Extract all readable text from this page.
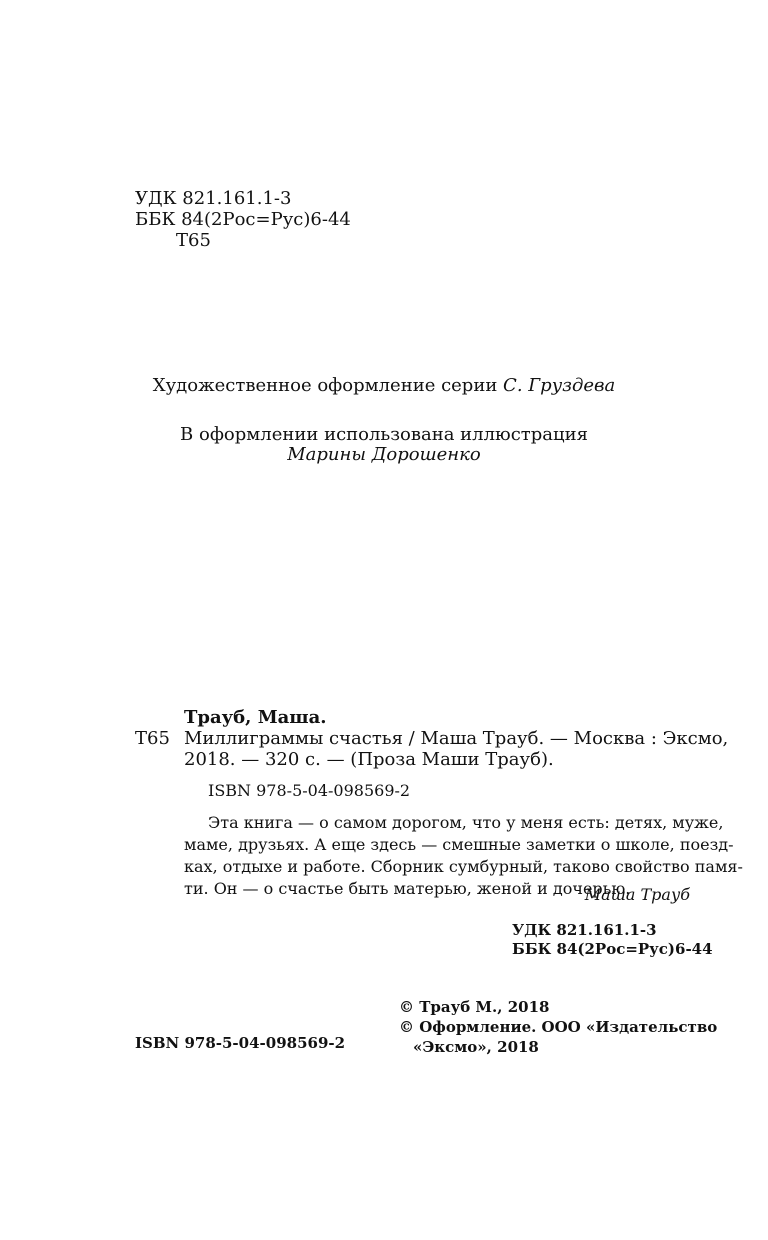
УДК 821.161.1-3
ББК 84(2Рос=Рус)6-44
Т65
Художественное оформление серии С. Груздева
В оформлении использована иллюстрация
Марины Дорошенко
Трауб, Маша.
Т65 Миллиграммы счастья / Маша Трауб. — Москва : Эксмо,
2018. — 320 с. — (Проза Маши Трауб).
ISBN 978-5-04-098569-2
Эта книга — о самом дорогом, что у меня есть: детях, муже,
маме, друзьях. А еще здесь — смешные заметки о школе, поезд-
ках, отдыхе и работе. Сборник сумбурный, таково свойство памя-
ти. Он — о счастье быть матерью, женой и дочерью.
Маша Трауб
УДК 821.161.1-3
ББК 84(2Рос=Рус)6-44
ISBN 978-5-04-098569-2
© Трауб М., 2018
© Оформление. ООО «Издательство
«Эксмо», 2018
